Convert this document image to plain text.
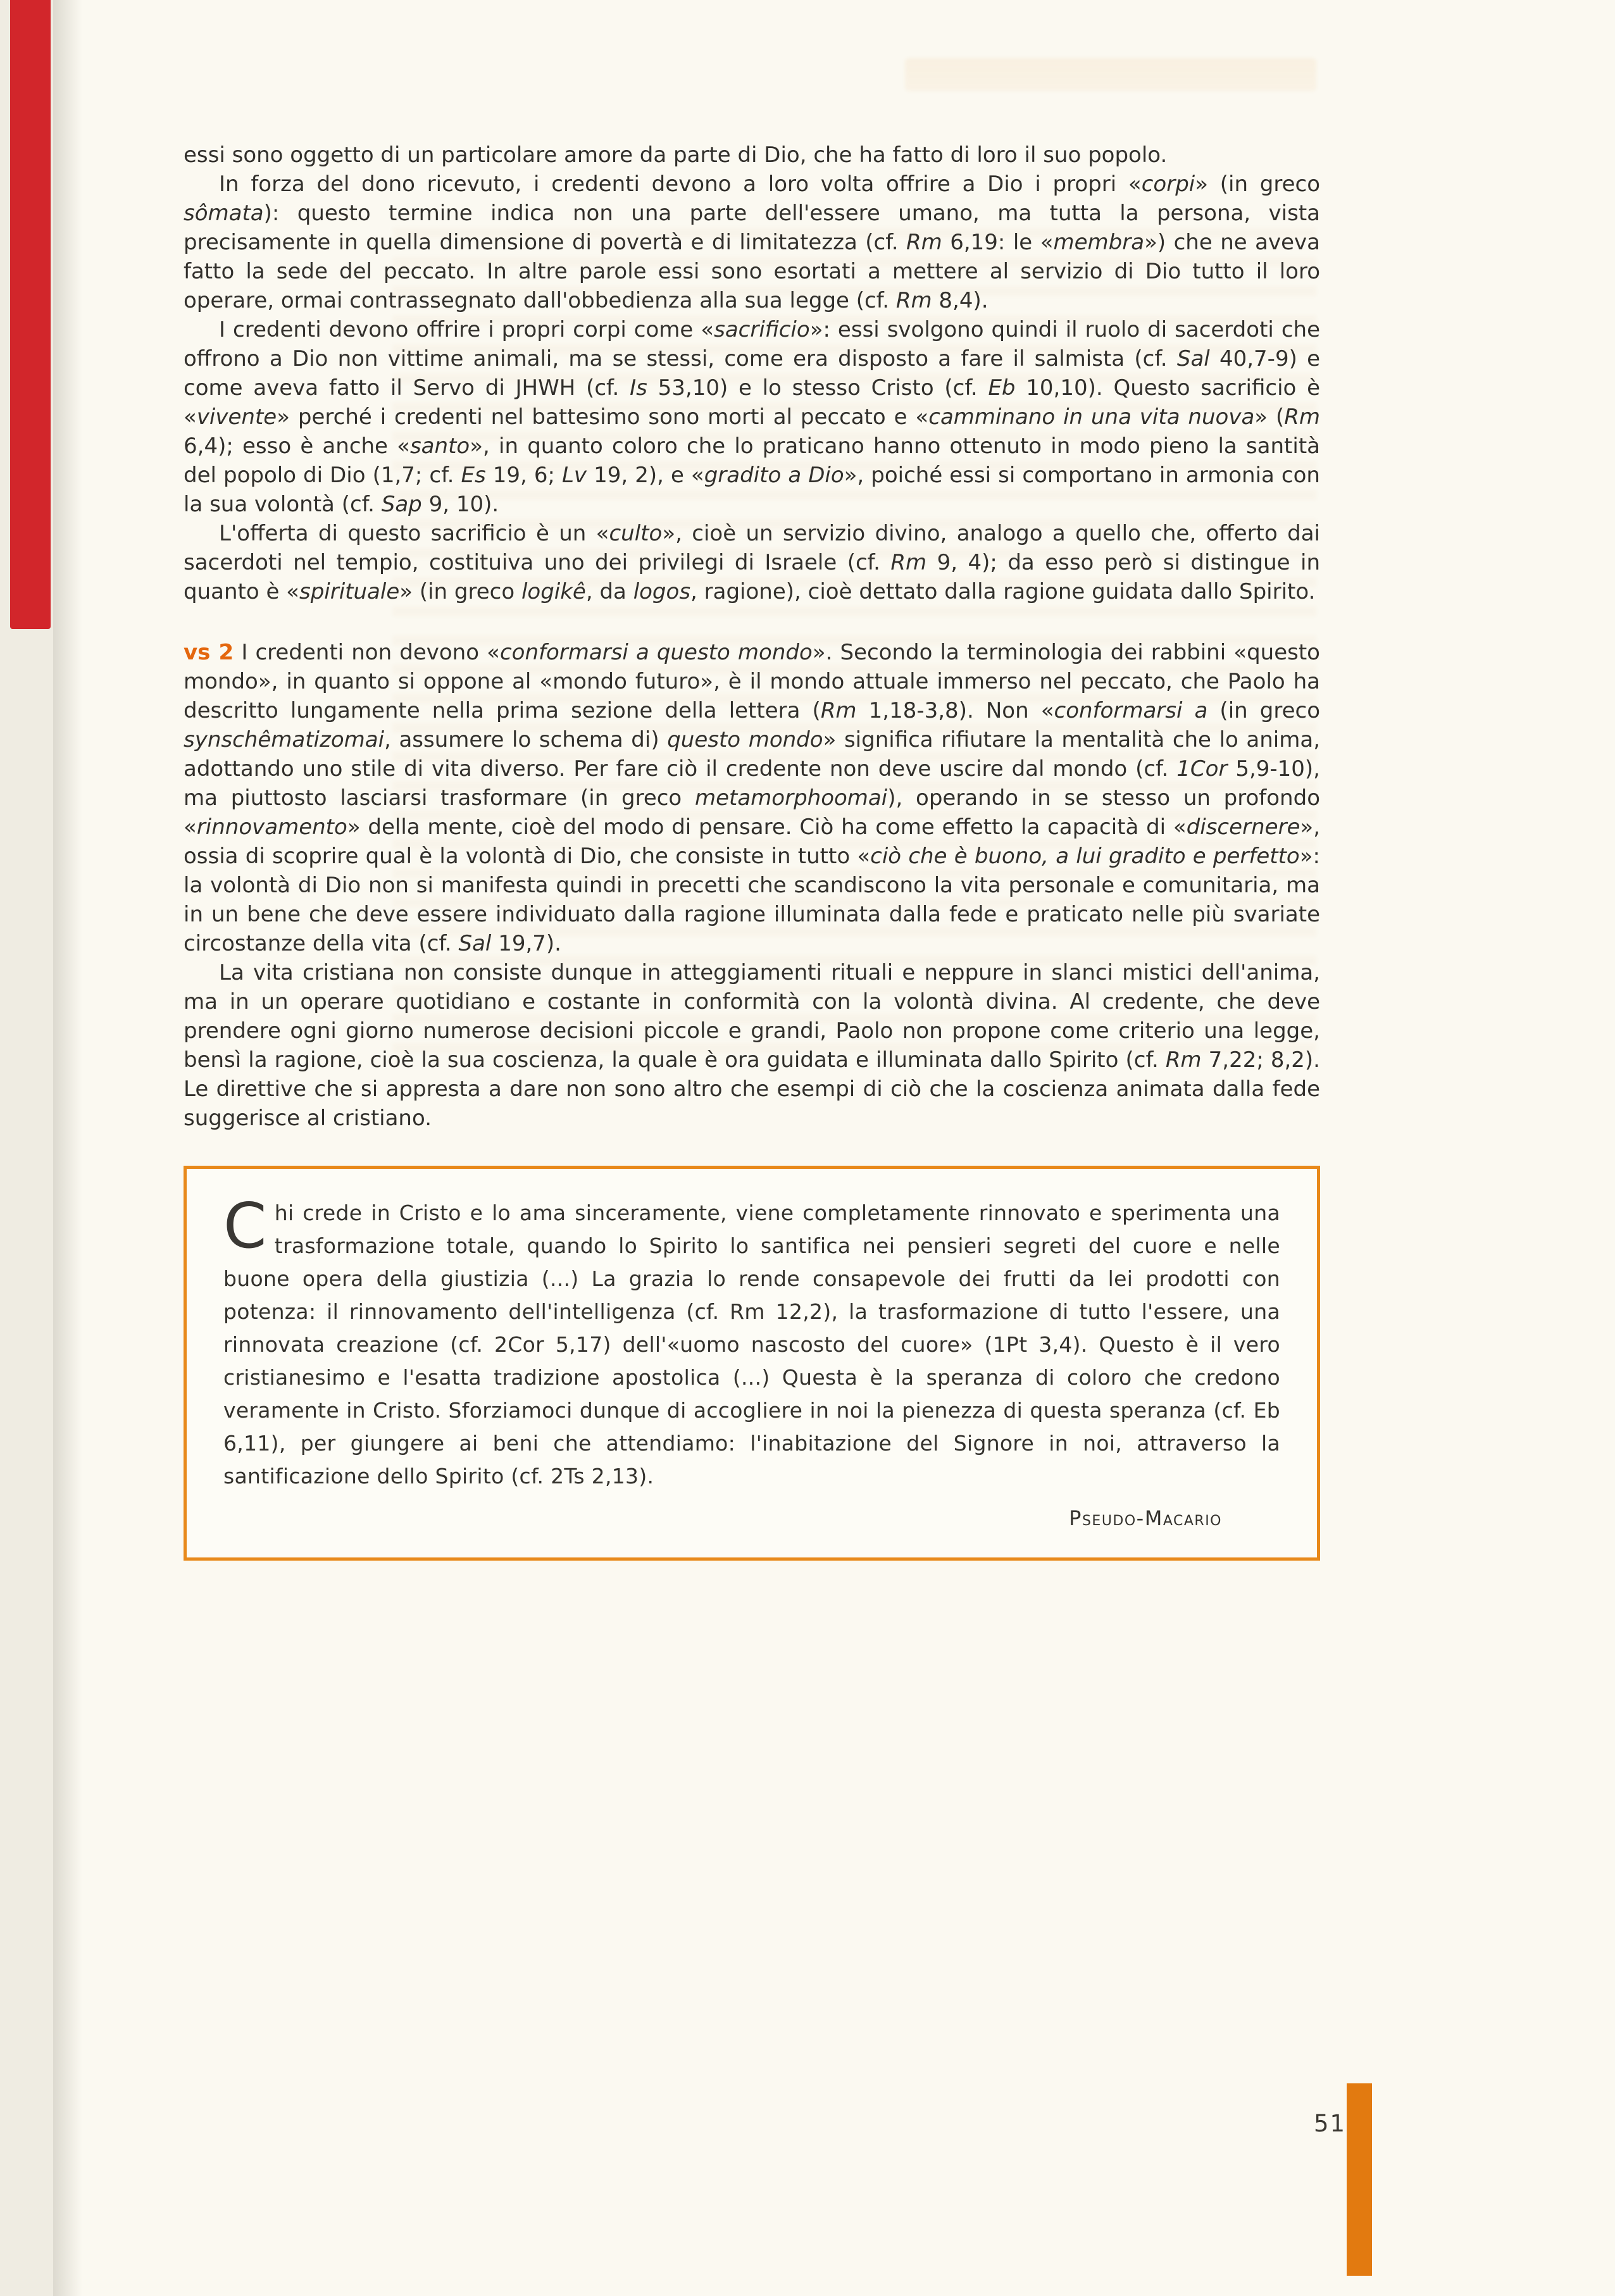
essi sono oggetto di un particolare amore da parte di Dio, che ha fatto di loro il suo popolo.
In forza del dono ricevuto, i credenti devono a loro volta offrire a Dio i propri «corpi» (in greco sômata): questo termine indica non una parte dell'essere umano, ma tutta la persona, vista precisamente in quella dimensione di povertà e di limitatezza (cf. Rm 6,19: le «membra») che ne aveva fatto la sede del peccato. In altre parole essi sono esortati a mettere al servizio di Dio tutto il loro operare, ormai contrassegnato dall'obbedienza alla sua legge (cf. Rm 8,4).
I credenti devono offrire i propri corpi come «sacrificio»: essi svolgono quindi il ruolo di sacerdoti che offrono a Dio non vittime animali, ma se stessi, come era disposto a fare il salmista (cf. Sal 40,7-9) e come aveva fatto il Servo di JHWH (cf. Is 53,10) e lo stesso Cristo (cf. Eb 10,10). Questo sacrificio è «vivente» perché i credenti nel battesimo sono morti al peccato e «camminano in una vita nuova» (Rm 6,4); esso è anche «santo», in quanto coloro che lo praticano hanno ottenuto in modo pieno la santità del popolo di Dio (1,7; cf. Es 19, 6; Lv 19, 2), e «gradito a Dio», poiché essi si comportano in armonia con la sua volontà (cf. Sap 9, 10).
L'offerta di questo sacrificio è un «culto», cioè un servizio divino, analogo a quello che, offerto dai sacerdoti nel tempio, costituiva uno dei privilegi di Israele (cf. Rm 9, 4); da esso però si distingue in quanto è «spirituale» (in greco logikê, da logos, ragione), cioè dettato dalla ragione guidata dallo Spirito.
vs 2 I credenti non devono «conformarsi a questo mondo». Secondo la terminologia dei rabbini «questo mondo», in quanto si oppone al «mondo futuro», è il mondo attuale immerso nel peccato, che Paolo ha descritto lungamente nella prima sezione della lettera (Rm 1,18-3,8). Non «conformarsi a (in greco synschêmatizomai, assumere lo schema di) questo mondo» significa rifiutare la mentalità che lo anima, adottando uno stile di vita diverso. Per fare ciò il credente non deve uscire dal mondo (cf. 1Cor 5,9-10), ma piuttosto lasciarsi trasformare (in greco metamorphoomai), operando in se stesso un profondo «rinnovamento» della mente, cioè del modo di pensare. Ciò ha come effetto la capacità di «discernere», ossia di scoprire qual è la volontà di Dio, che consiste in tutto «ciò che è buono, a lui gradito e perfetto»: la volontà di Dio non si manifesta quindi in precetti che scandiscono la vita personale e comunitaria, ma in un bene che deve essere individuato dalla ragione illuminata dalla fede e praticato nelle più svariate circostanze della vita (cf. Sal 19,7).
La vita cristiana non consiste dunque in atteggiamenti rituali e neppure in slanci mistici dell'anima, ma in un operare quotidiano e costante in conformità con la volontà divina. Al credente, che deve prendere ogni giorno numerose decisioni piccole e grandi, Paolo non propone come criterio una legge, bensì la ragione, cioè la sua coscienza, la quale è ora guidata e illuminata dallo Spirito (cf. Rm 7,22; 8,2). Le direttive che si appresta a dare non sono altro che esempi di ciò che la coscienza animata dalla fede suggerisce al cristiano.
Chi crede in Cristo e lo ama sinceramente, viene completamente rinnovato e sperimenta una trasformazione totale, quando lo Spirito lo santifica nei pensieri segreti del cuore e nelle buone opera della giustizia (...) La grazia lo rende consapevole dei frutti da lei prodotti con potenza: il rinnovamento dell'intelligenza (cf. Rm 12,2), la trasformazione di tutto l'essere, una rinnovata creazione (cf. 2Cor 5,17) dell'«uomo nascosto del cuore» (1Pt 3,4). Questo è il vero cristianesimo e l'esatta tradizione apostolica (...) Questa è la speranza di coloro che credono veramente in Cristo. Sforziamoci dunque di accogliere in noi la pienezza di questa speranza (cf. Eb 6,11), per giungere ai beni che attendiamo: l'inabitazione del Signore in noi, attraverso la santificazione dello Spirito (cf. 2Ts 2,13).
Pseudo-Macario
51
